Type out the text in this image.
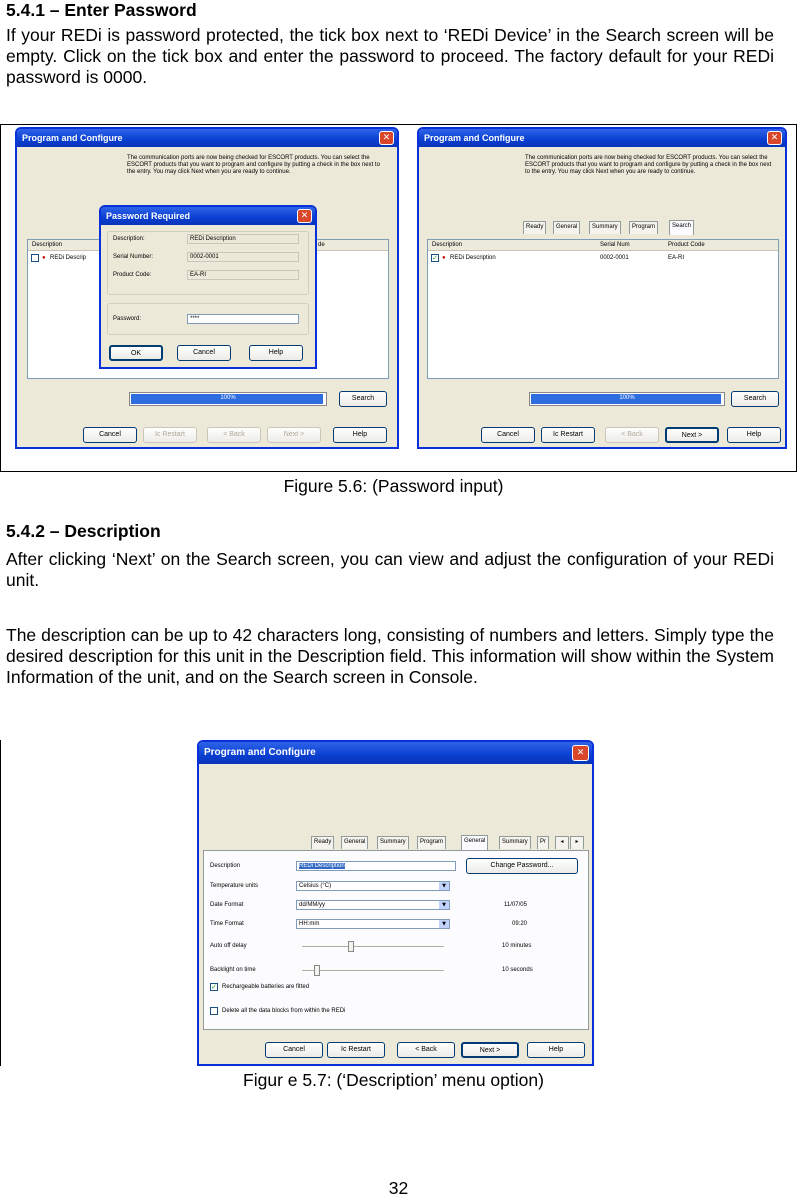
5.4.1 – Enter Password
If your REDi is password protected, the tick box next to ‘REDi Device’ in the Search screen will be empty. Click on the tick box and enter the password to proceed. The factory default for your REDi password is 0000.
Program and Configure	✕
The communication ports are now being checked for ESCORT products. You can select the ESCORT products that you want to program and configure by putting a check in the box next to the entry. You may click Next when you are ready to continue.
Description	de
● REDi Descrip
100%	Search
Cancel	Ic Restart	< Back	Next >	Help
Password Required	✕
Description:	REDi Description
Serial Number:	0002-0001
Product Code:	EA-RI
Password:	****
OK	Cancel	Help
Program and Configure	✕
The communication ports are now being checked for ESCORT products. You can select the ESCORT products that you want to program and configure by putting a check in the box next to the entry. You may click Next when you are ready to continue.
Ready	General	Summary	Program	Search
Description	Serial Num	Product Code
✓ ● REDi Description	0002-0001	EA-RI
100%	Search
Cancel	Ic Restart	< Back	Next >	Help
Figure 5.6: (Password input)
5.4.2 – Description
After clicking ‘Next’ on the Search screen, you can view and adjust the configuration of your REDi unit.
The description can be up to 42 characters long, consisting of numbers and letters. Simply type the desired description for this unit in the Description field. This information will show within the System Information of the unit, and on the Search screen in Console.
Program and Configure	✕
Ready	General	Summary	Program	General	Summary	Pr	◂	▸
Description	REDi Description	Change Password...
Temperature units	Celsius (°C)	▼
Date Format	dd/MM/yy	▼	11/07/05
Time Format	HH:mm	▼	09:20
Auto off delay	10 minutes
Backlight on time	10 seconds
✓ Rechargeable batteries are fitted
Delete all the data blocks from within the REDi
Cancel	Ic Restart	< Back	Next >	Help
Figur e 5.7: (‘Description’ menu option)
32
